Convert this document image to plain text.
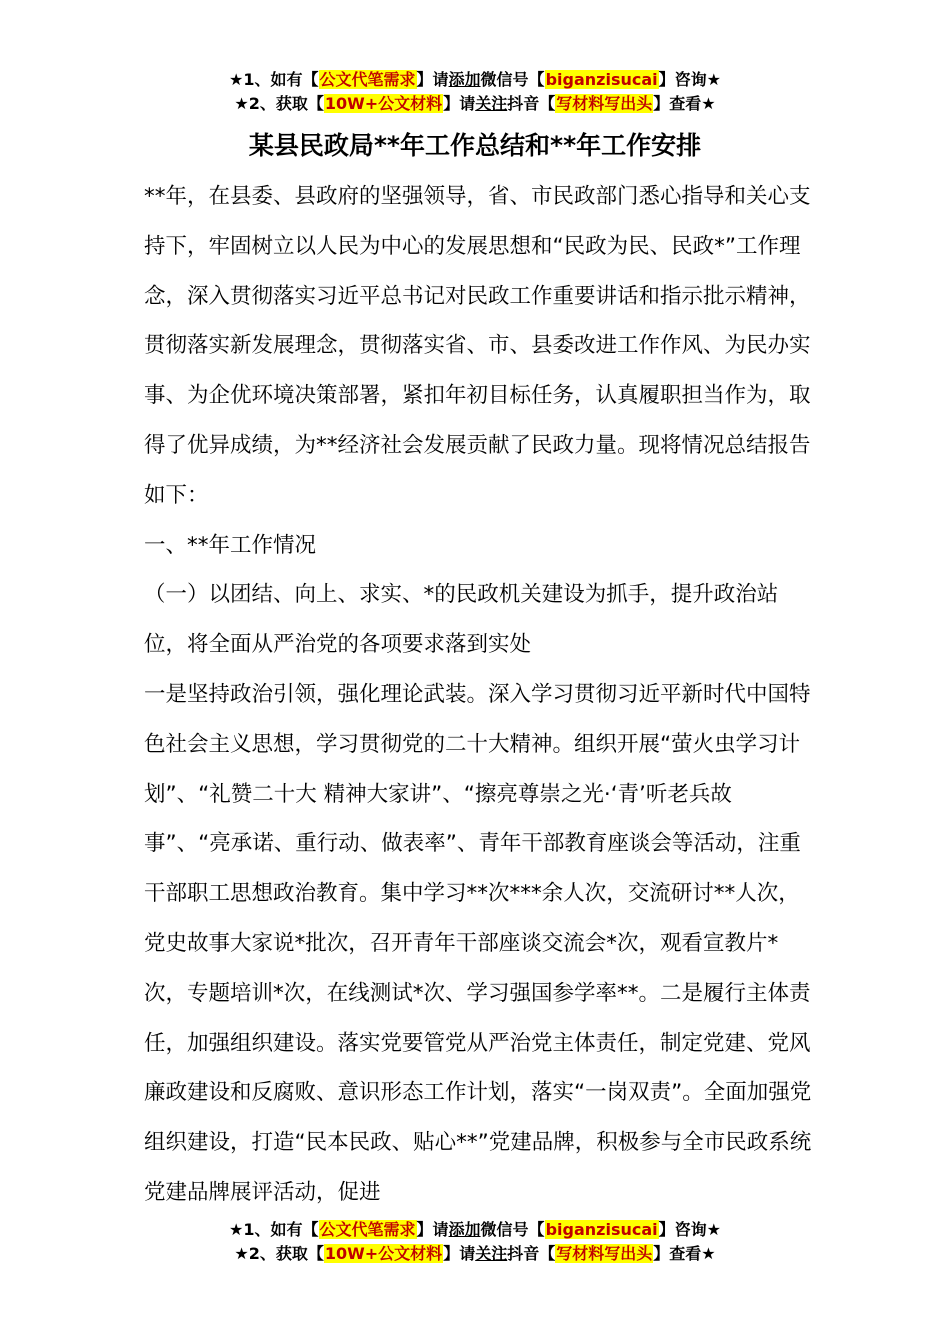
★1、如有【公文代笔需求】请添加微信号【biganzisucai】咨询★
★2、获取【10W+公文材料】请关注抖音【写材料写出头】查看★
某县民政局**年工作总结和**年工作安排

**年，在县委、县政府的坚强领导，省、市民政部门悉心指导和关心支持下，牢固树立以人民为中心的发展思想和“民政为民、民政*”工作理念，深入贯彻落实习近平总书记对民政工作重要讲话和指示批示精神，贯彻落实新发展理念，贯彻落实省、市、县委改进工作作风、为民办实事、为企优环境决策部署，紧扣年初目标任务，认真履职担当作为，取得了优异成绩，为**经济社会发展贡献了民政力量。现将情况总结报告如下：

一、**年工作情况

（一）以团结、向上、求实、*的民政机关建设为抓手，提升政治站位，将全面从严治党的各项要求落到实处

一是坚持政治引领，强化理论武装。深入学习贯彻习近平新时代中国特色社会主义思想，学习贯彻党的二十大精神。组织开展“萤火虫学习计划”、“礼赞二十大 精神大家讲”、“擦亮尊崇之光·‘青’听老兵故事”、“亮承诺、重行动、做表率”、青年干部教育座谈会等活动，注重干部职工思想政治教育。集中学习**次***余人次，交流研讨**人次，党史故事大家说*批次，召开青年干部座谈交流会*次，观看宣教片*次，专题培训*次，在线测试*次、学习强国参学率**。二是履行主体责任，加强组织建设。落实党要管党从严治党主体责任，制定党建、党风廉政建设和反腐败、意识形态工作计划，落实“一岗双责”。全面加强党组织建设，打造“民本民政、贴心**”党建品牌，积极参与全市民政系统党建品牌展评活动，促进

★1、如有【公文代笔需求】请添加微信号【biganzisucai】咨询★
★2、获取【10W+公文材料】请关注抖音【写材料写出头】查看★
